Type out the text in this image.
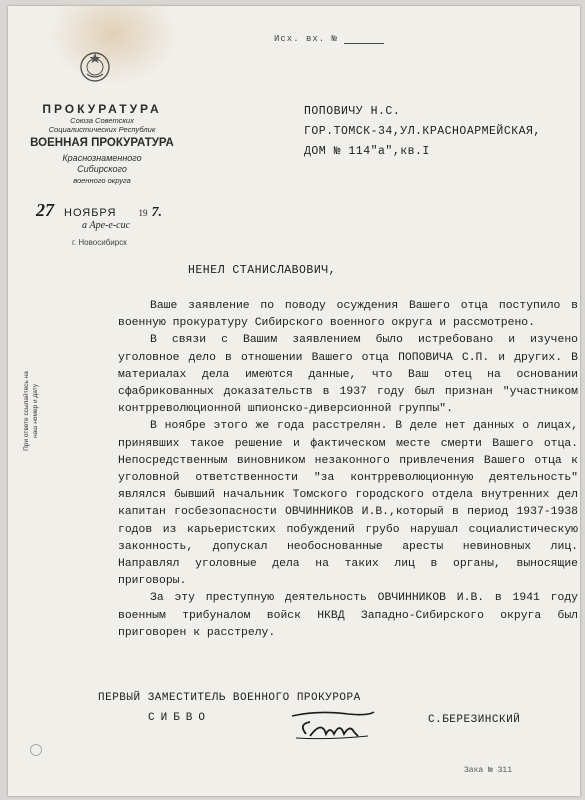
Исх. вх. №
ПРОКУРАТУРА
Союза Советских
Социалистических Республик
ВОЕННАЯ ПРОКУРАТУРА
Краснознаменного
Сибирского
военного округа
27 НОЯБРЯ 19 7.
а Аре-е-сис
г. Новосибирск
ПОПОВИЧУ Н.С.
ГОР.ТОМСК-34,УЛ.КРАСНОАРМЕЙСКАЯ,
ДОМ № 114"а",кв.I
При ответе ссылайтесь на наш номер и дату
НЕНЕЛ СТАНИСЛАВОВИЧ,

Ваше заявление по поводу осуждения Вашего отца поступило в военную прокуратуру Сибирского военного округа и рассмотрено.

В связи с Вашим заявлением было истребовано и изучено уголовное дело в отношении Вашего отца ПОПОВИЧА С.П. и других. В материалах дела имеются данные, что Ваш отец на основании сфабрикованных доказательств в 1937 году был признан "участником контрреволюционной шпионско-диверсионной группы".

В ноябре этого же года расстрелян. В деле нет данных о лицах, принявших такое решение и фактическом месте смерти Вашего отца. Непосредственным виновником незаконного привлечения Вашего отца к уголовной ответственности "за контрреволюционную деятельность" являлся бывший начальник Томского городского отдела внутренних дел капитан госбезопасности ОВЧИННИКОВ И.В.,который в период 1937-1938 годов из карьеристских побуждений грубо нарушал социалистическую законность, допускал необоснованные аресты невиновных лиц. Направлял уголовные дела на таких лиц в органы, выносящие приговоры.

За эту преступную деятельность ОВЧИННИКОВ И.В. в 1941 году военным трибуналом войск НКВД Западно-Сибирского округа был приговорен к расстрелу.

ПЕРВЫЙ ЗАМЕСТИТЕЛЬ ВОЕННОГО ПРОКУРОРА
СИБВО	С.БЕРЕЗИНСКИЙ
Зака № 311
